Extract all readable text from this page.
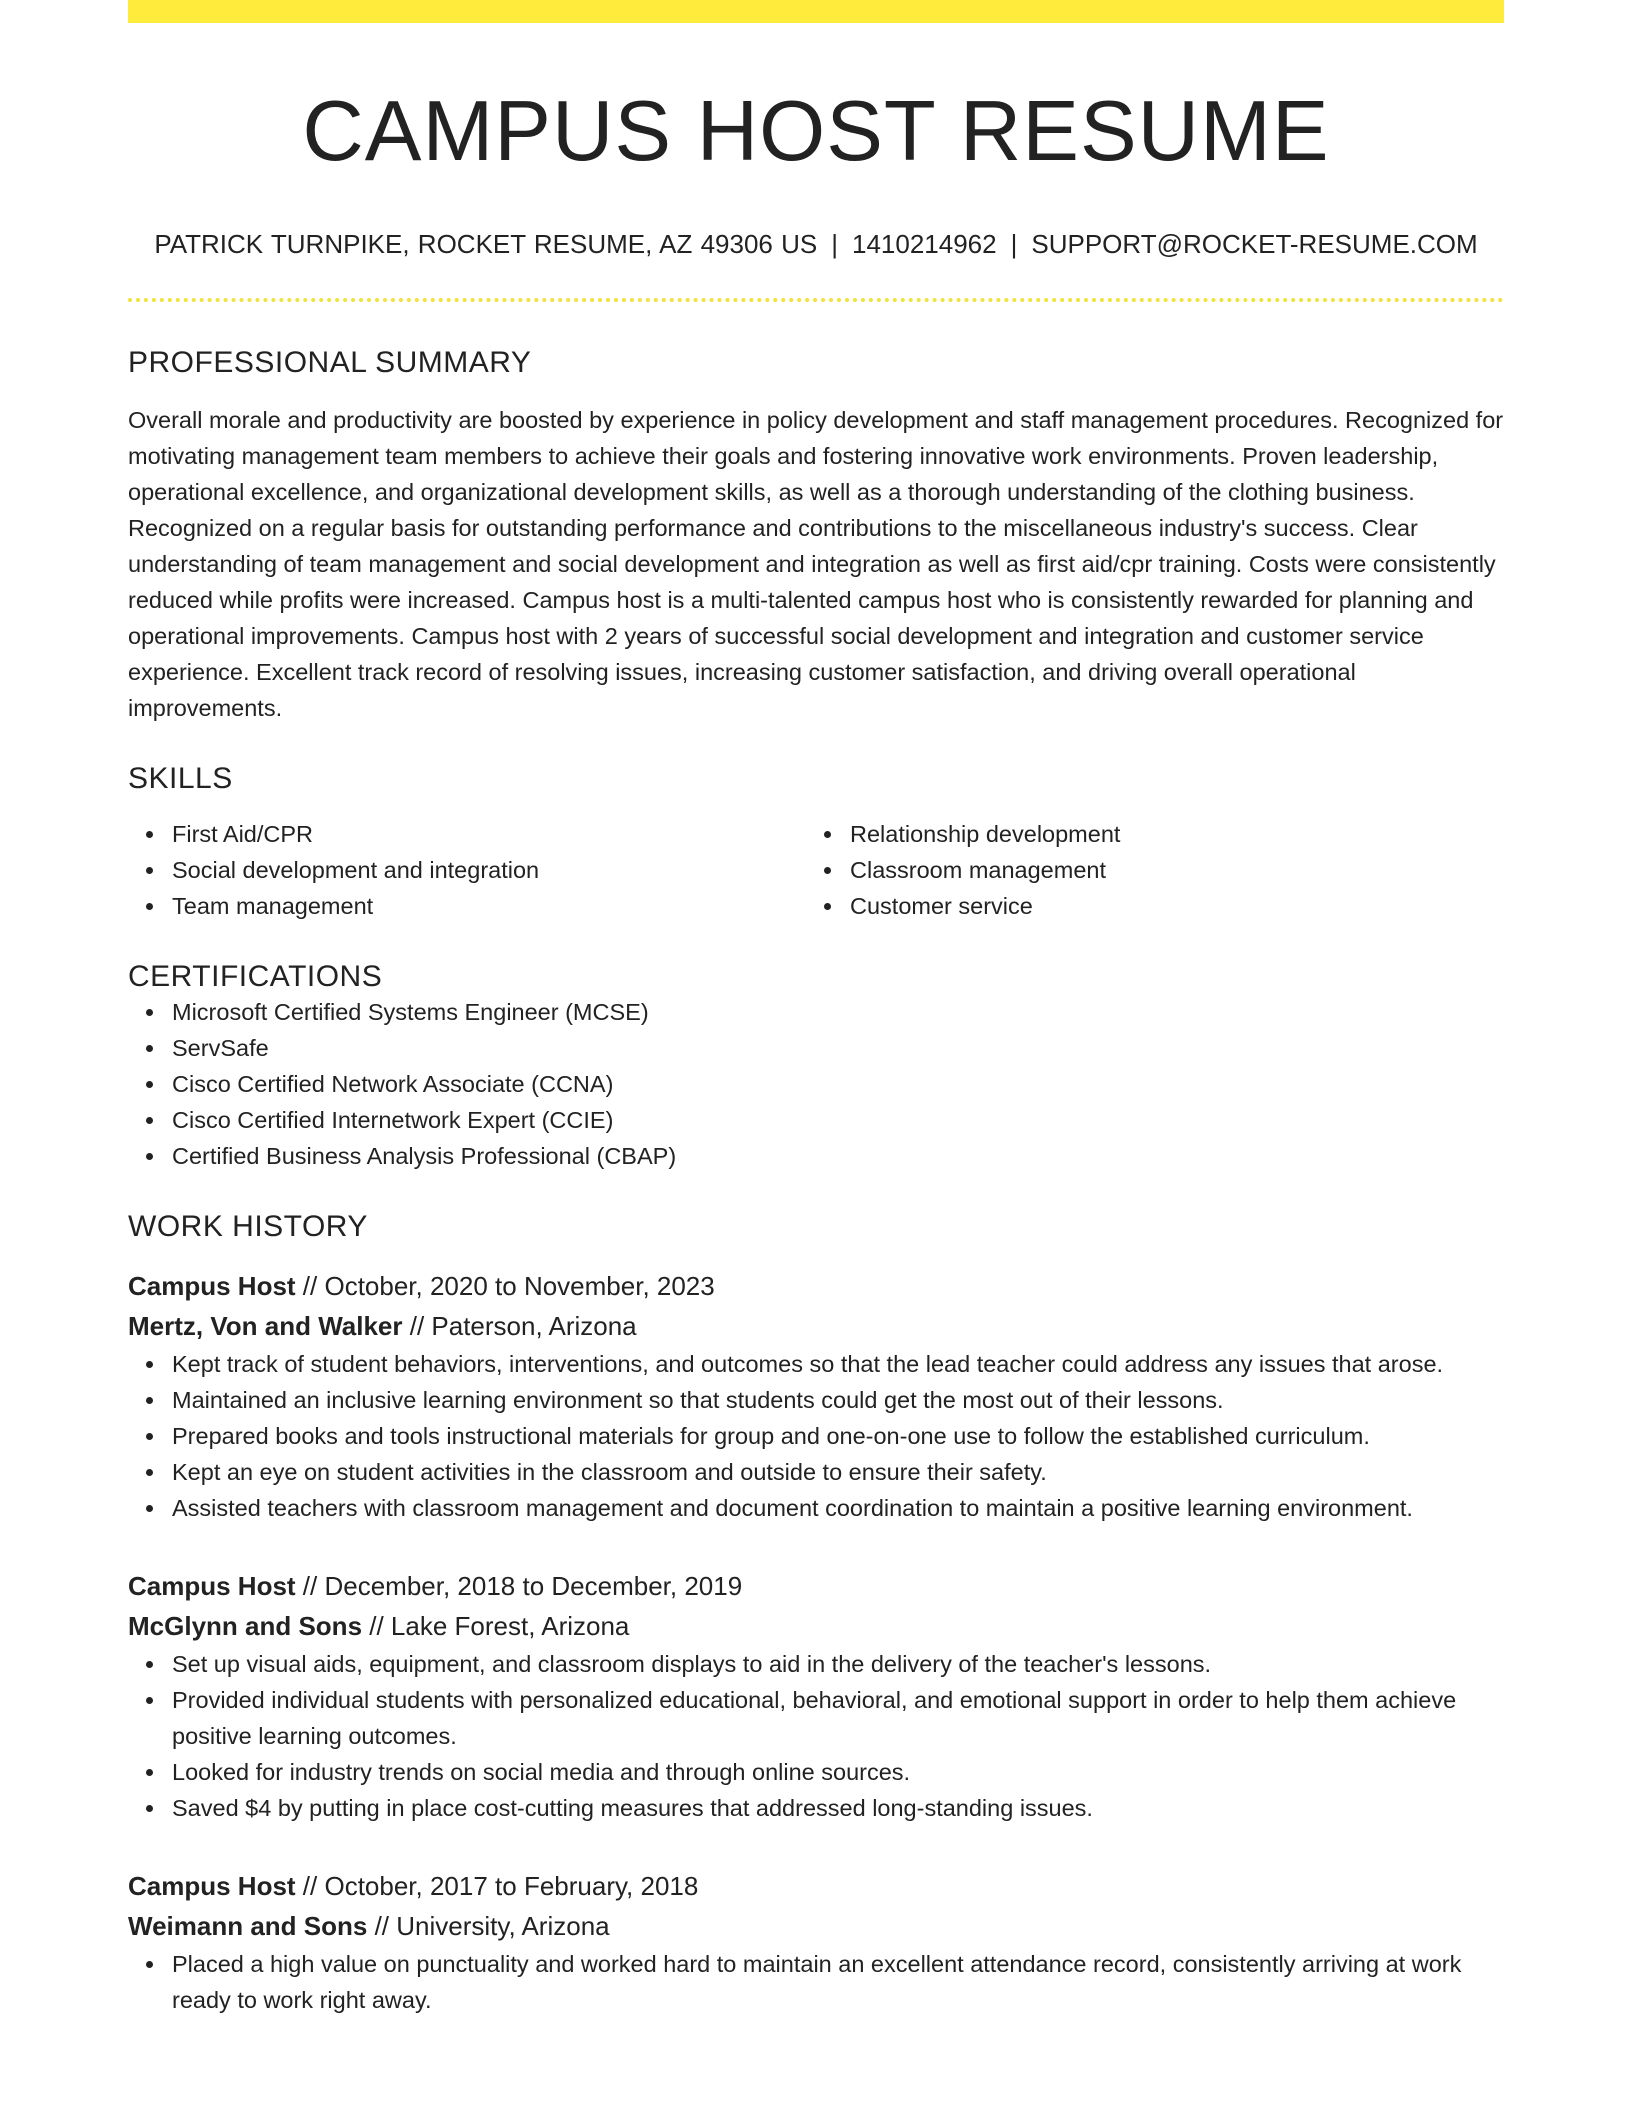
CAMPUS HOST RESUME
PATRICK TURNPIKE, ROCKET RESUME, AZ 49306 US | 1410214962 | SUPPORT@ROCKET-RESUME.COM
PROFESSIONAL SUMMARY

Overall morale and productivity are boosted by experience in policy development and staff management procedures. Recognized for motivating management team members to achieve their goals and fostering innovative work environments. Proven leadership, operational excellence, and organizational development skills, as well as a thorough understanding of the clothing business. Recognized on a regular basis for outstanding performance and contributions to the miscellaneous industry's success. Clear understanding of team management and social development and integration as well as first aid/cpr training. Costs were consistently reduced while profits were increased. Campus host is a multi-talented campus host who is consistently rewarded for planning and operational improvements. Campus host with 2 years of successful social development and integration and customer service experience. Excellent track record of resolving issues, increasing customer satisfaction, and driving overall operational improvements.

SKILLS
First Aid/CPR
Social development and integration
Team management
Relationship development
Classroom management
Customer service
CERTIFICATIONS
Microsoft Certified Systems Engineer (MCSE)
ServSafe
Cisco Certified Network Associate (CCNA)
Cisco Certified Internetwork Expert (CCIE)
Certified Business Analysis Professional (CBAP)
WORK HISTORY
Campus Host // October, 2020 to November, 2023
Mertz, Von and Walker // Paterson, Arizona
Kept track of student behaviors, interventions, and outcomes so that the lead teacher could address any issues that arose.
Maintained an inclusive learning environment so that students could get the most out of their lessons.
Prepared books and tools instructional materials for group and one-on-one use to follow the established curriculum.
Kept an eye on student activities in the classroom and outside to ensure their safety.
Assisted teachers with classroom management and document coordination to maintain a positive learning environment.
Campus Host // December, 2018 to December, 2019
McGlynn and Sons // Lake Forest, Arizona
Set up visual aids, equipment, and classroom displays to aid in the delivery of the teacher's lessons.
Provided individual students with personalized educational, behavioral, and emotional support in order to help them achieve positive learning outcomes.
Looked for industry trends on social media and through online sources.
Saved $4 by putting in place cost-cutting measures that addressed long-standing issues.
Campus Host // October, 2017 to February, 2018
Weimann and Sons // University, Arizona
Placed a high value on punctuality and worked hard to maintain an excellent attendance record, consistently arriving at work ready to work right away.
